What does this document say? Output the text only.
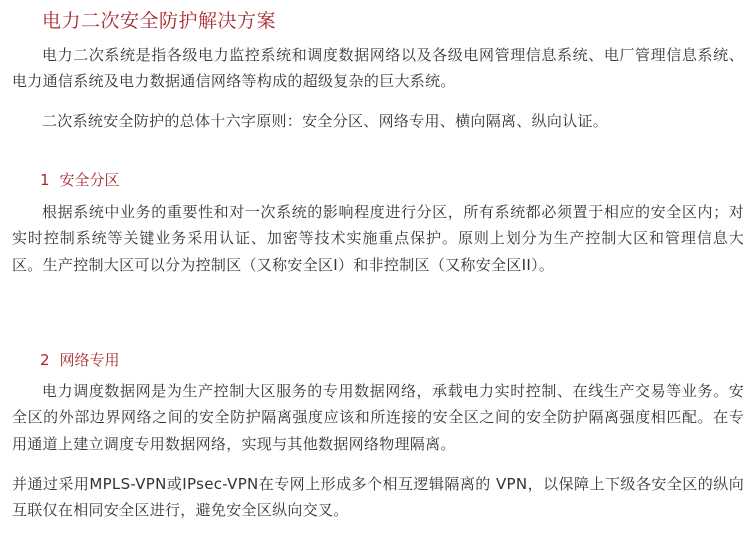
电力二次安全防护解决方案

电力二次系统是指各级电力监控系统和调度数据网络以及各级电网管理信息系统、电厂管理信息系统、电力通信系统及电力数据通信网络等构成的超级复杂的巨大系统。

二次系统安全防护的总体十六字原则：安全分区、网络专用、横向隔离、纵向认证。

1 安全分区

根据系统中业务的重要性和对一次系统的影响程度进行分区，所有系统都必须置于相应的安全区内；对实时控制系统等关键业务采用认证、加密等技术实施重点保护。原则上划分为生产控制大区和管理信息大区。生产控制大区可以分为控制区（又称安全区I）和非控制区（又称安全区II）。

2 网络专用

电力调度数据网是为生产控制大区服务的专用数据网络，承载电力实时控制、在线生产交易等业务。安全区的外部边界网络之间的安全防护隔离强度应该和所连接的安全区之间的安全防护隔离强度相匹配。在专用通道上建立调度专用数据网络，实现与其他数据网络物理隔离。

并通过采用MPLS-VPN或IPsec-VPN在专网上形成多个相互逻辑隔离的 VPN，以保障上下级各安全区的纵向互联仅在相同安全区进行，避免安全区纵向交叉。
